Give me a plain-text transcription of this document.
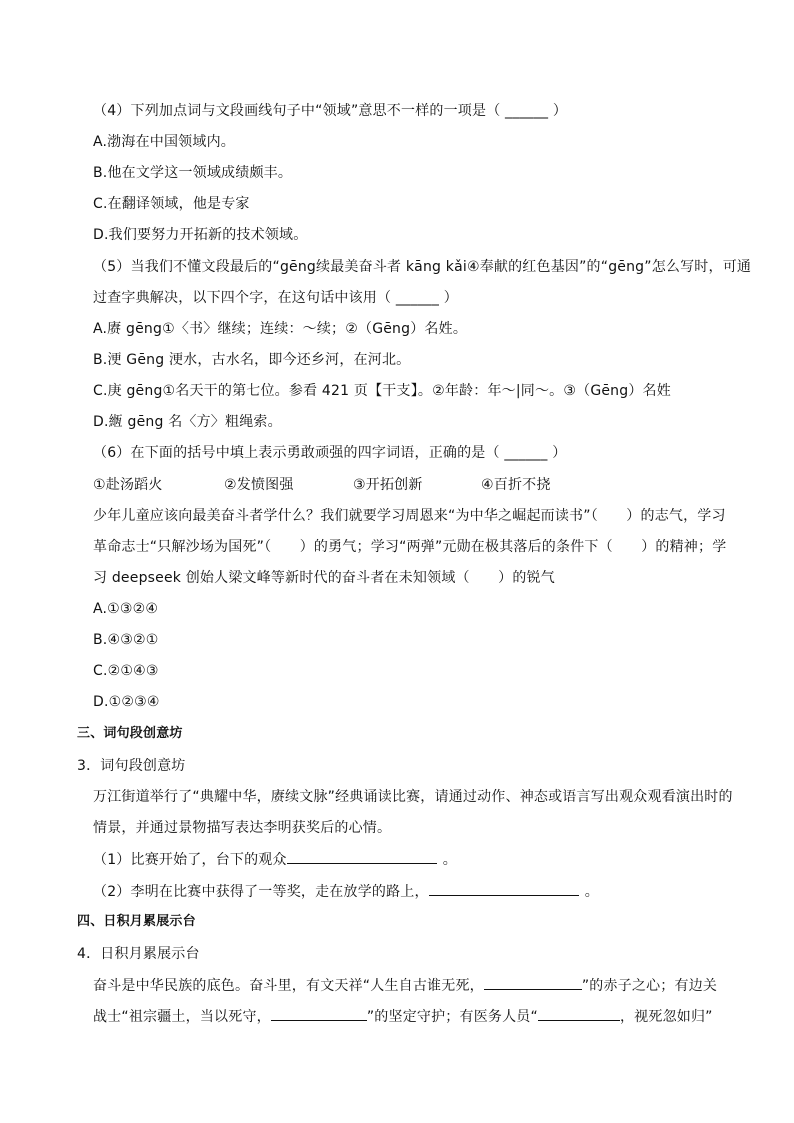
（4）下列加点词与文段画线句子中“领域”意思不一样的一项是（ ______ ）
A.渤海在中国领域内。
B.他在文学这一领域成绩颇丰。
C.在翻译领域，他是专家
D.我们要努力开拓新的技术领域。
（5）当我们不懂文段最后的“gēng续最美奋斗者 kāng kǎi④奉献的红色基因”的“gēng”怎么写时，可通
过查字典解决，以下四个字，在这句话中该用（ ______ ）
A.赓 gēng①〈书〉继续；连续：～续；②（Gēng）名姓。
B.浭 Gēng 浭水，古水名，即今还乡河，在河北。
C.庚 gēng①名天干的第七位。参看 421 页【干支】。②年龄：年～|同～。③（Gēng）名姓
D.緪 gēng 名〈方〉粗绳索。
（6）在下面的括号中填上表示勇敢顽强的四字词语，正确的是（ ______ ）
①赴汤蹈火	②发愤图强	③开拓创新	④百折不挠
少年儿童应该向最美奋斗者学什么？我们就要学习周恩来“为中华之崛起而读书”（　　）的志气，学习
革命志士“只解沙场为国死”（　　）的勇气；学习“两弹”元勋在极其落后的条件下（　　）的精神；学
习 deepseek 创始人梁文峰等新时代的奋斗者在未知领域（　　）的锐气
A.①③②④
B.④③②①
C.②①④③
D.①②③④
三、词句段创意坊
3．词句段创意坊
万江街道举行了“典耀中华，赓续文脉”经典诵读比赛，请通过动作、神态或语言写出观众观看演出时的
情景，并通过景物描写表达李明获奖后的心情。
（1）比赛开始了，台下的观众	。
（2）李明在比赛中获得了一等奖，走在放学的路上，	。
四、日积月累展示台
4．日积月累展示台
奋斗是中华民族的底色。奋斗里，有文天祥“人生自古谁无死，	”的赤子之心；有边关
战士“祖宗疆土，当以死守，	”的坚定守护；有医务人员“	，视死忽如归”
